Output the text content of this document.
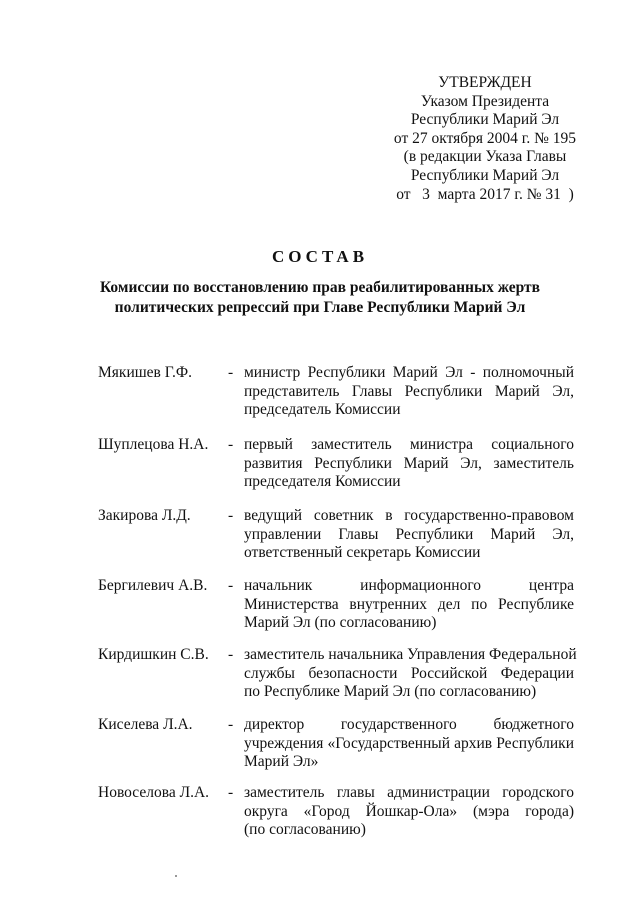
УТВЕРЖДЕН
Указом Президента
Республики Марий Эл
от 27 октября 2004 г. № 195
(в редакции Указа Главы
Республики Марий Эл
от   3  марта 2017 г. № 31  )
СОСТАВ
Комиссии по восстановлению прав реабилитированных жертв
политических репрессий при Главе Республики Марий Эл
Мякишев Г.Ф. - министр Республики Марий Эл - полномочный
представитель Главы Республики Марий Эл,
председатель Комиссии
Шуплецова Н.А. - первый заместитель министра социального
развития Республики Марий Эл, заместитель
председателя Комиссии
Закирова Л.Д. - ведущий советник в государственно-правовом
управлении Главы Республики Марий Эл,
ответственный секретарь Комиссии
Бергилевич А.В. - начальник информационного центра
Министерства внутренних дел по Республике
Марий Эл (по согласованию)
Кирдишкин С.В. - заместитель начальника Управления Федеральной
службы безопасности Российской Федерации
по Республике Марий Эл (по согласованию)
Киселева Л.А. - директор государственного бюджетного
учреждения «Государственный архив Республики
Марий Эл»
Новоселова Л.А. - заместитель главы администрации городского
округа «Город Йошкар-Ола» (мэра города)
(по согласованию)
